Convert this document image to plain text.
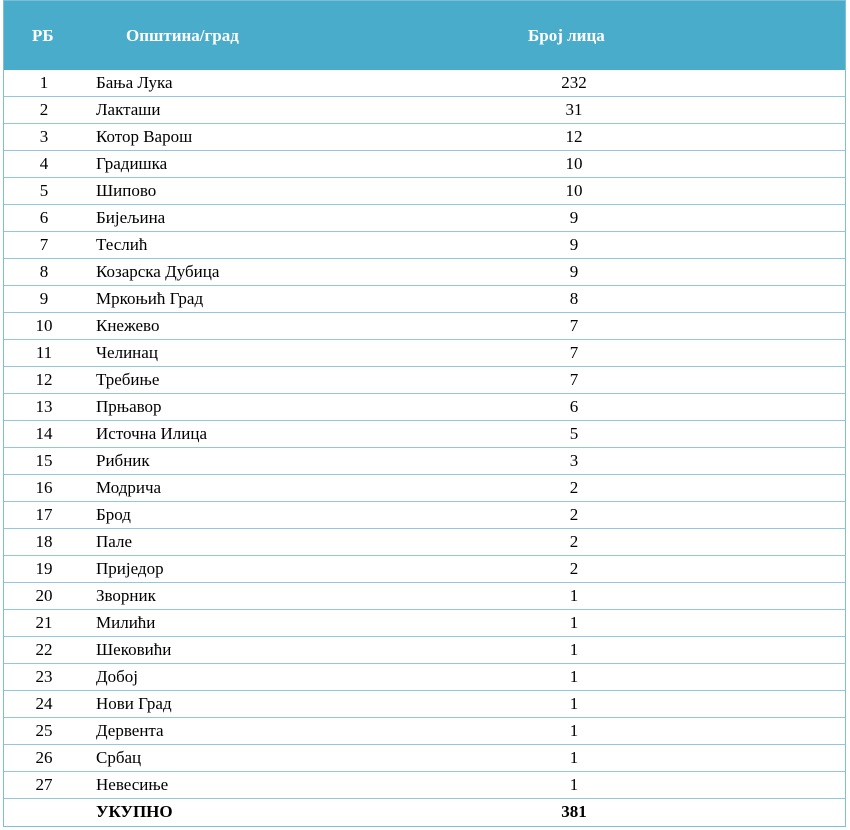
РБ	Општина/град	Број лица
1	Бања Лука	232
2	Лакташи	31
3	Котор Варош	12
4	Градишка	10
5	Шипово	10
6	Бијељина	9
7	Теслић	9
8	Козарска Дубица	9
9	Мркоњић Град	8
10	Кнежево	7
11	Челинац	7
12	Требиње	7
13	Прњавор	6
14	Источна Илица	5
15	Рибник	3
16	Модрича	2
17	Брод	2
18	Пале	2
19	Приједор	2
20	Зворник	1
21	Милићи	1
22	Шековићи	1
23	Добој	1
24	Нови Град	1
25	Дервента	1
26	Србац	1
27	Невесиње	1
УКУПНО	381
